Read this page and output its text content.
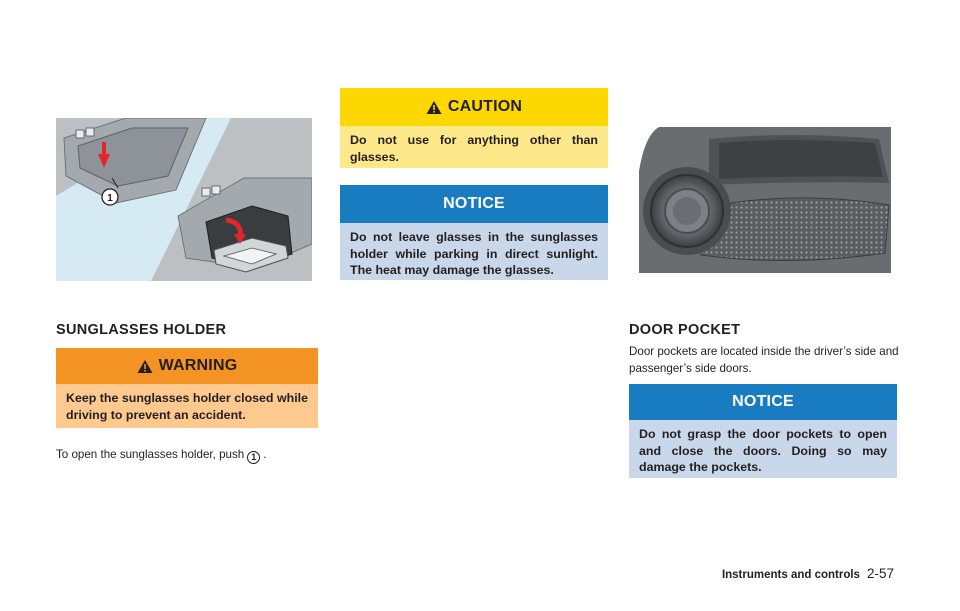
1
CAUTION
Do not use for anything other than glasses.
NOTICE
Do not leave glasses in the sunglasses holder while parking in direct sunlight. The heat may damage the glasses.
SUNGLASSES HOLDER
WARNING
Keep the sunglasses holder closed while driving to prevent an accident.
To open the sunglasses holder, push 1 .
DOOR POCKET
Door pockets are located inside the driver’s side and passenger’s side doors.
NOTICE
Do not grasp the door pockets to open and close the doors. Doing so may damage the pockets.
Instruments and controls 2-57
